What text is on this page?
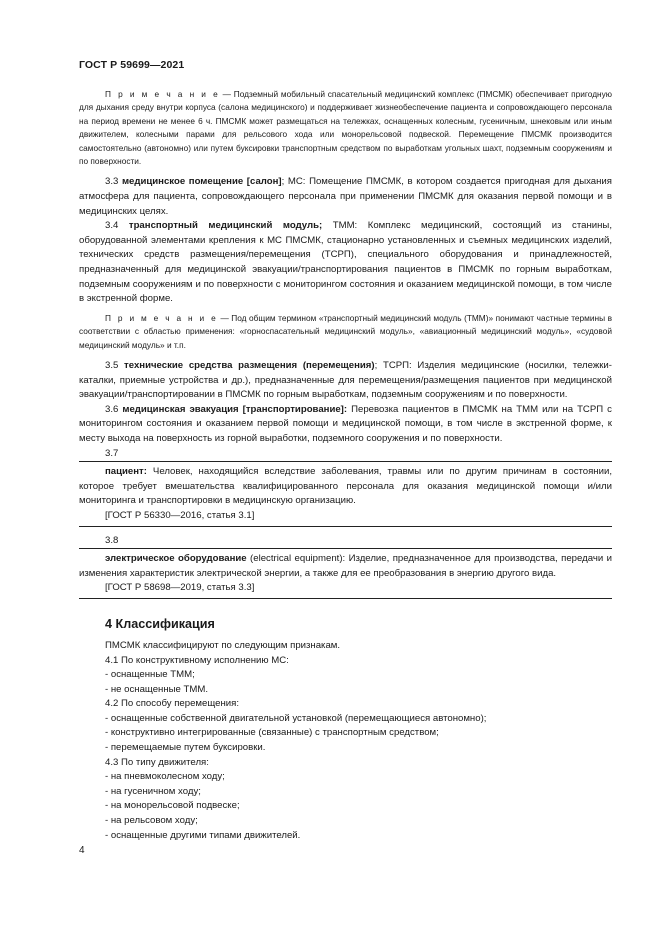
ГОСТ Р 59699—2021

П р и м е ч а н и е — Подземный мобильный спасательный медицинский комплекс (ПМСМК) обеспечивает пригодную для дыхания среду внутри корпуса (салона медицинского) и поддерживает жизнеобеспечение пациента и сопровождающего персонала на период времени не менее 6 ч. ПМСМК может размещаться на тележках, оснащенных колесным, гусеничным, шнековым или иным движителем, колесными парами для рельсового хода или монорельсовой подвеской. Перемещение ПМСМК производится самостоятельно (автономно) или путем буксировки транспортным средством по выработкам угольных шахт, подземным сооружениям и по поверхности.

3.3 медицинское помещение [салон]; МС: Помещение ПМСМК, в котором создается пригодная для дыхания атмосфера для пациента, сопровождающего персонала при применении ПМСМК для оказания первой помощи и в медицинских целях.

3.4 транспортный медицинский модуль; ТММ: Комплекс медицинский, состоящий из станины, оборудованной элементами крепления к МС ПМСМК, стационарно установленных и съемных медицинских изделий, технических средств размещения/перемещения (ТСРП), специального оборудования и принадлежностей, предназначенный для медицинской эвакуации/транспортирования пациентов в ПМСМК по горным выработкам, подземным сооружениям и по поверхности с мониторингом состояния и оказанием медицинской помощи, в том числе в экстренной форме.

П р и м е ч а н и е — Под общим термином «транспортный медицинский модуль (ТММ)» понимают частные термины в соответствии с областью применения: «горноспасательный медицинский модуль», «авиационный медицинский модуль», «судовой медицинский модуль» и т.п.

3.5 технические средства размещения (перемещения); ТСРП: Изделия медицинские (носилки, тележки-каталки, приемные устройства и др.), предназначенные для перемещения/размещения пациентов при медицинской эвакуации/транспортировании в ПМСМК по горным выработкам, подземным сооружениям и по поверхности.

3.6 медицинская эвакуация [транспортирование]: Перевозка пациентов в ПМСМК на ТММ или на ТСРП с мониторингом состояния и оказанием первой помощи и медицинской помощи, в том числе в экстренной форме, к месту выхода на поверхность из горной выработки, подземного сооружения и по поверхности.

3.7

пациент: Человек, находящийся вследствие заболевания, травмы или по другим причинам в состоянии, которое требует вмешательства квалифицированного персонала для оказания медицинской помощи и/или мониторинга и транспортировки в медицинскую организацию.

[ГОСТ Р 56330—2016, статья 3.1]
3.8

электрическое оборудование (electrical equipment): Изделие, предназначенное для производства, передачи и изменения характеристик электрической энергии, а также для ее преобразования в энергию другого вида.

[ГОСТ Р 58698—2019, статья 3.3]
4 Классификация

ПМСМК классифицируют по следующим признакам.

4.1 По конструктивному исполнению МС:

- оснащенные ТММ;

- не оснащенные ТММ.

4.2 По способу перемещения:

- оснащенные собственной двигательной установкой (перемещающиеся автономно);

- конструктивно интегрированные (связанные) с транспортным средством;

- перемещаемые путем буксировки.

4.3 По типу движителя:

- на пневмоколесном ходу;

- на гусеничном ходу;

- на монорельсовой подвеске;

- на рельсовом ходу;

- оснащенные другими типами движителей.

4
